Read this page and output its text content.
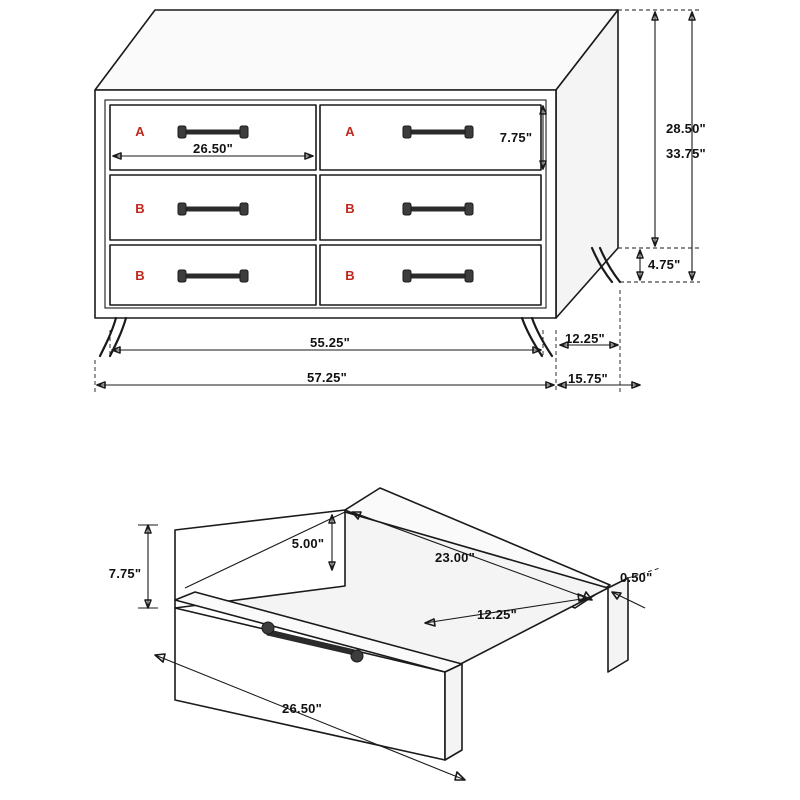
26.50"
7.75"
28.50"
33.75"
4.75"
55.25"
57.25"
12.25"
15.75"
A	A
B	B
B	B
5.00"
7.75"
23.00"
12.25"
0.50"
26.50"
